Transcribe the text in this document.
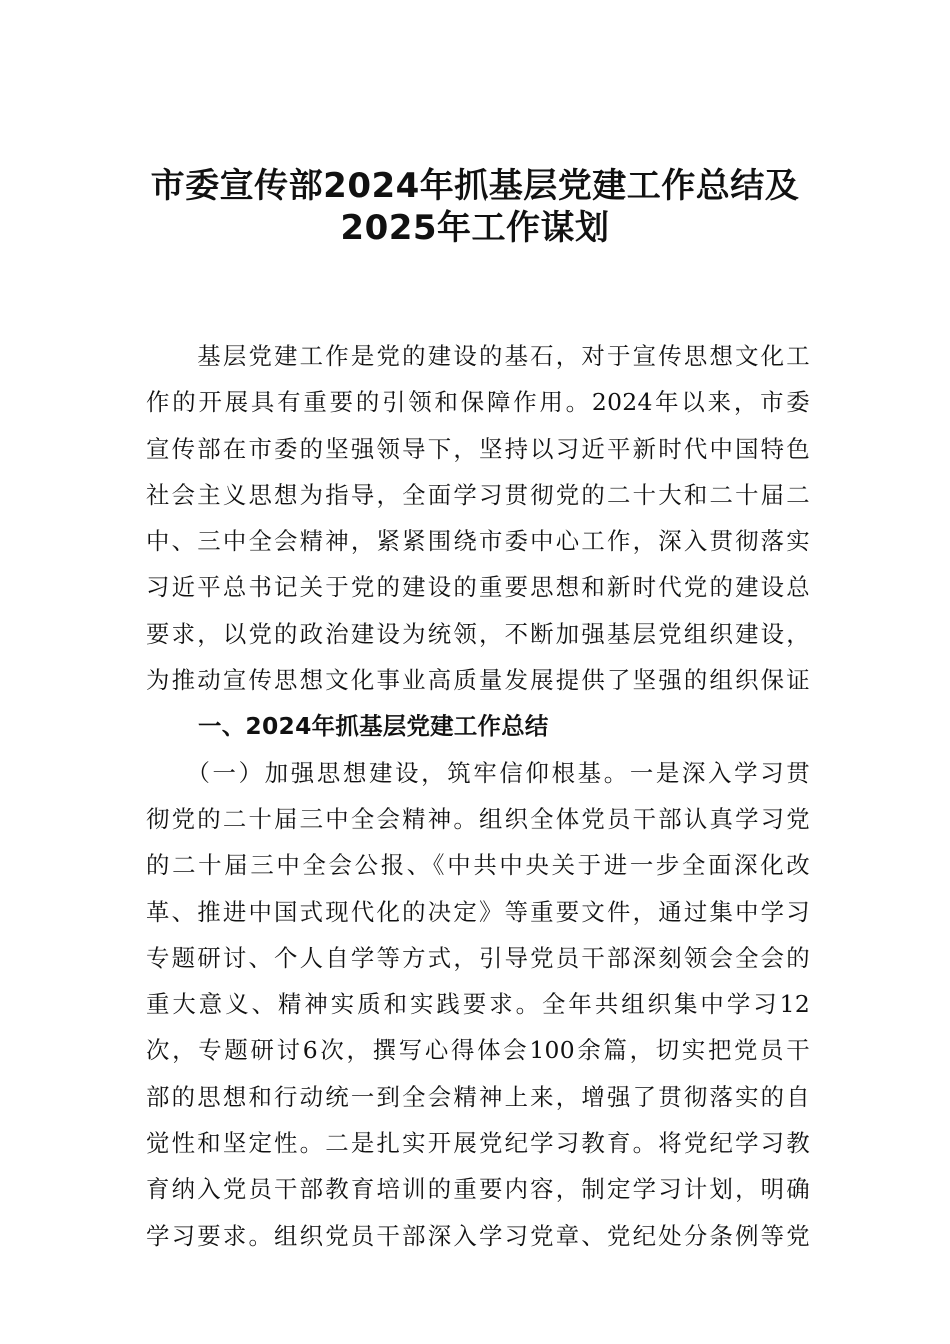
市委宣传部2024年抓基层党建工作总结及
2025年工作谋划
　　基层党建工作是党的建设的基石，对于宣传思想文化工
作的开展具有重要的引领和保障作用。2024年以来，市委
宣传部在市委的坚强领导下，坚持以习近平新时代中国特色
社会主义思想为指导，全面学习贯彻党的二十大和二十届二
中、三中全会精神，紧紧围绕市委中心工作，深入贯彻落实
习近平总书记关于党的建设的重要思想和新时代党的建设总
要求，以党的政治建设为统领，不断加强基层党组织建设，
为推动宣传思想文化事业高质量发展提供了坚强的组织保证
一、2024年抓基层党建工作总结
　　（一）加强思想建设，筑牢信仰根基。一是深入学习贯
彻党的二十届三中全会精神。组织全体党员干部认真学习党
的二十届三中全会公报、《中共中央关于进一步全面深化改
革、推进中国式现代化的决定》等重要文件，通过集中学习
专题研讨、个人自学等方式，引导党员干部深刻领会全会的
重大意义、精神实质和实践要求。全年共组织集中学习12
次，专题研讨6次，撰写心得体会100余篇，切实把党员干
部的思想和行动统一到全会精神上来，增强了贯彻落实的自
觉性和坚定性。二是扎实开展党纪学习教育。将党纪学习教
育纳入党员干部教育培训的重要内容，制定学习计划，明确
学习要求。组织党员干部深入学习党章、党纪处分条例等党
